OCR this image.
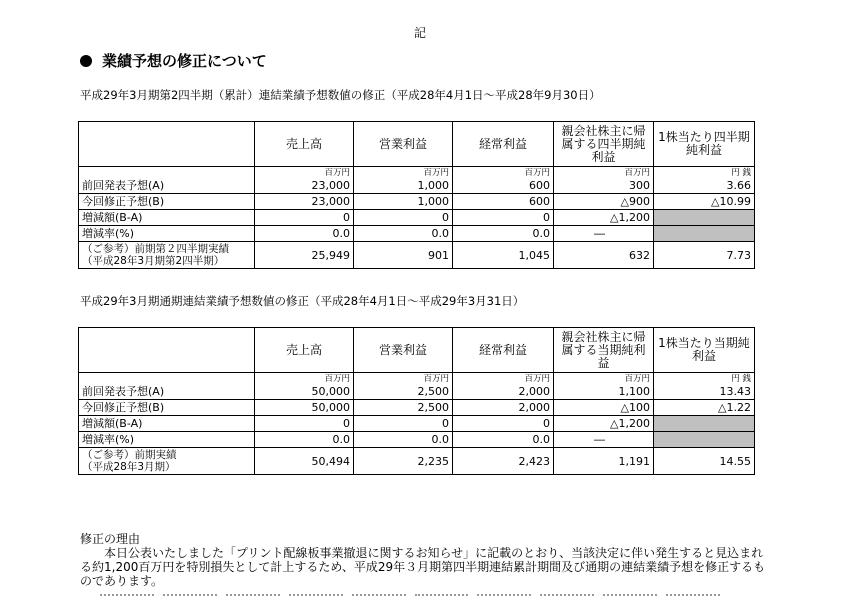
記
業績予想の修正について
平成29年3月期第2四半期（累計）連結業績予想数値の修正（平成28年4月1日～平成28年9月30日）
	売上高	営業利益	経常利益	親会社株主に帰属する四半期純利益	1株当たり四半期純利益
	百万円	百万円	百万円	百万円	円 銭
前回発表予想(A)	23,000	1,000	600	300	3.66
今回修正予想(B)	23,000	1,000	600	△900	△10.99
増減額(B-A)	0	0	0	△1,200	
増減率(%)	0.0	0.0	0.0	―	

（ご参考）前期第２四半期実績
（平成28年3月期第2四半期）	25,949	901	1,045	632	7.73
平成29年3月期通期連結業績予想数値の修正（平成28年4月1日～平成29年3月31日）
	売上高	営業利益	経常利益	親会社株主に帰属する当期純利益	1株当たり当期純利益
	百万円	百万円	百万円	百万円	円 銭
前回発表予想(A)	50,000	2,500	2,000	1,100	13.43
今回修正予想(B)	50,000	2,500	2,000	△100	△1.22
増減額(B-A)	0	0	0	△1,200	
増減率(%)	0.0	0.0	0.0	―	

（ご参考）前期実績
（平成28年3月期）	50,494	2,235	2,423	1,191	14.55
修正の理由
本日公表いたしました「プリント配線板事業撤退に関するお知らせ」に記載のとおり、当該決定に伴い発生すると見込まれる約1,200百万円を特別損失として計上するため、平成29年３月期第四半期連結累計期間及び通期の連結業績予想を修正するものであります。
